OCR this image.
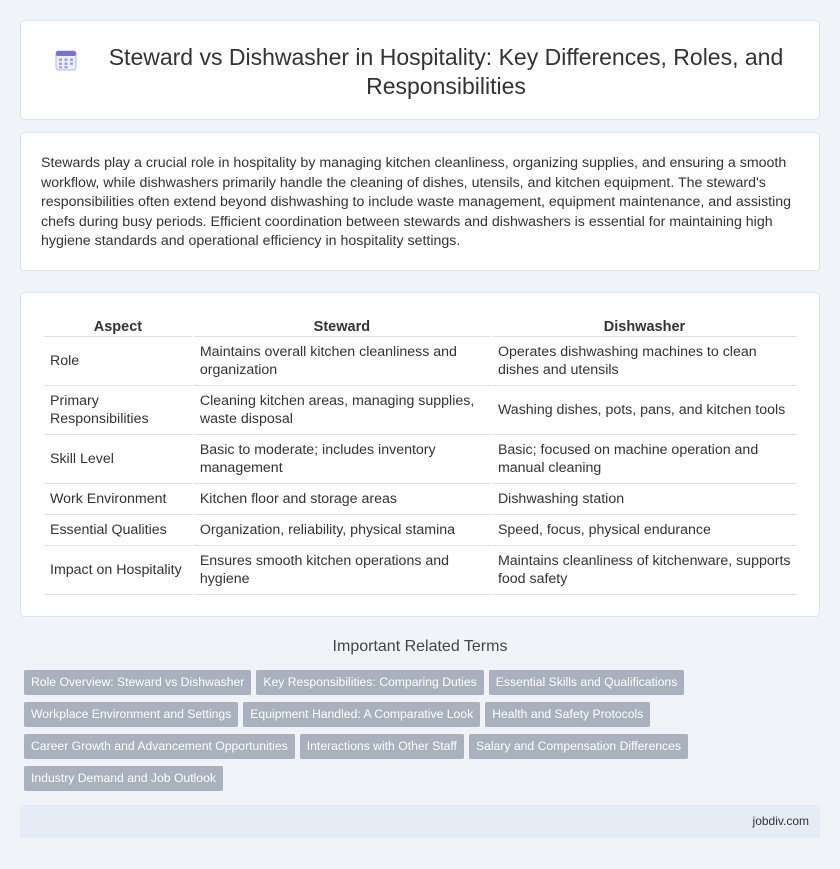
Steward vs Dishwasher in Hospitality: Key Differences, Roles, and Responsibilities

Stewards play a crucial role in hospitality by managing kitchen cleanliness, organizing supplies, and ensuring a smooth workflow, while dishwashers primarily handle the cleaning of dishes, utensils, and kitchen equipment. The steward's responsibilities often extend beyond dishwashing to include waste management, equipment maintenance, and assisting chefs during busy periods. Efficient coordination between stewards and dishwashers is essential for maintaining high hygiene standards and operational efficiency in hospitality settings.

Aspect	Steward	Dishwasher
Role	Maintains overall kitchen cleanliness and organization	Operates dishwashing machines to clean dishes and utensils
Primary Responsibilities	Cleaning kitchen areas, managing supplies, waste disposal	Washing dishes, pots, pans, and kitchen tools
Skill Level	Basic to moderate; includes inventory management	Basic; focused on machine operation and manual cleaning
Work Environment	Kitchen floor and storage areas	Dishwashing station
Essential Qualities	Organization, reliability, physical stamina	Speed, focus, physical endurance
Impact on Hospitality	Ensures smooth kitchen operations and hygiene	Maintains cleanliness of kitchenware, supports food safety
Important Related Terms
Role Overview: Steward vs Dishwasher Key Responsibilities: Comparing Duties Essential Skills and Qualifications
Workplace Environment and Settings Equipment Handled: A Comparative Look Health and Safety Protocols
Career Growth and Advancement Opportunities Interactions with Other Staff Salary and Compensation Differences
Industry Demand and Job Outlook
jobdiv.com
